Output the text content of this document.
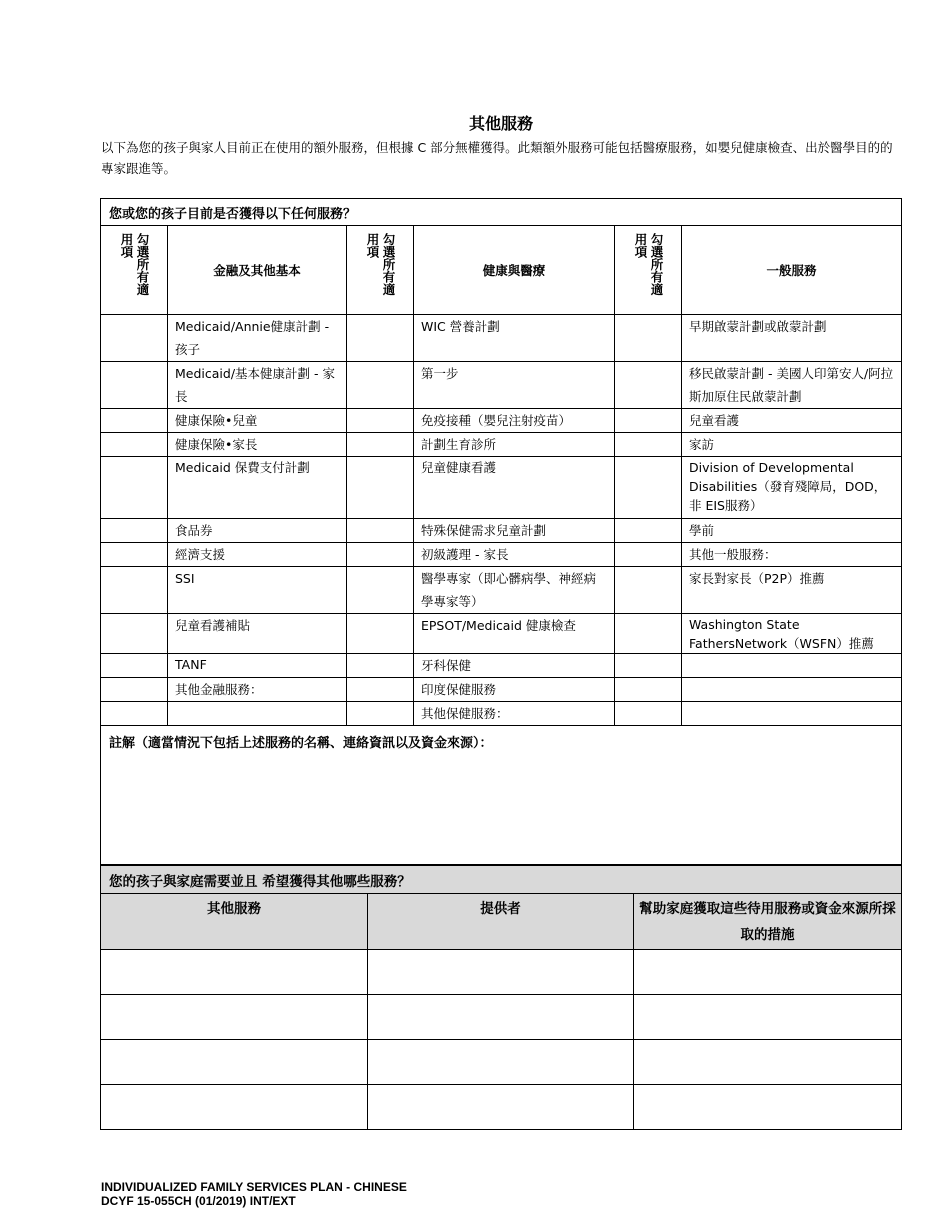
其他服務
以下為您的孩子與家人目前正在使用的額外服務，但根據 C 部分無權獲得。此類額外服務可能包括醫療服務，如嬰兒健康檢查、出於醫學目的的專家跟進等。
您或您的孩子目前是否獲得以下任何服務？					
勾選所有適用項	金融及其他基本	勾選所有適用項	健康與醫療	勾選所有適用項	一般服務
	Medicaid/Annie健康計劃 - 孩子		WIC 營養計劃		早期啟蒙計劃或啟蒙計劃
	Medicaid/基本健康計劃 - 家長		第一步		移民啟蒙計劃 - 美國人印第安人/阿拉斯加原住民啟蒙計劃
	健康保險•兒童		免疫接種（嬰兒注射疫苗）		兒童看護
	健康保險•家長		計劃生育診所		家訪
	Medicaid 保費支付計劃		兒童健康看護		Division of Developmental Disabilities（發育殘障局，DOD，非 EIS服務）
	食品券		特殊保健需求兒童計劃		學前
	經濟支援		初級護理 - 家長		其他一般服務：
	SSI		醫學專家（即心髒病學、神經病學專家等）		家長對家長（P2P）推薦
	兒童看護補貼		EPSOT/Medicaid 健康檢查		Washington State FathersNetwork（WSFN）推薦
	TANF		牙科保健		
	其他金融服務：		印度保健服務		
			其他保健服務：		
註解（適當情況下包括上述服務的名稱、連絡資訊以及資金來源）：					
您的孩子與家庭需要並且 希望獲得其他哪些服務？		
其他服務	提供者	幫助家庭獲取這些待用服務或資金來源所採取的措施

INDIVIDUALIZED FAMILY SERVICES PLAN - CHINESE
DCYF 15-055CH (01/2019) INT/EXT
